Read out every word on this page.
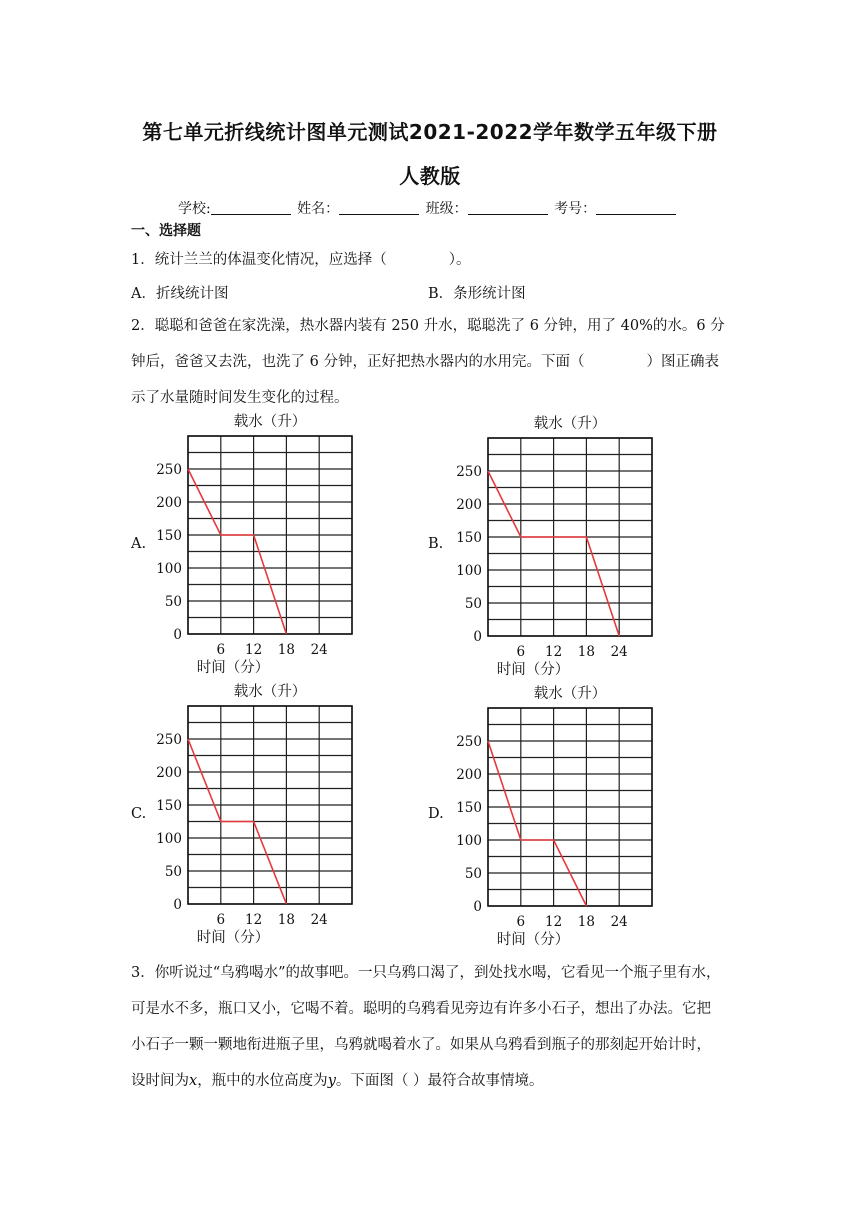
第七单元折线统计图单元测试2021-2022学年数学五年级下册
人教版
学校:	姓名：	班级：	考号：
一、选择题
1．统计兰兰的体温变化情况，应选择（	）。
A．折线统计图	B．条形统计图
2．聪聪和爸爸在家洗澡，热水器内装有 250 升水，聪聪洗了 6 分钟，用了 40%的水。6 分
钟后，爸爸又去洗，也洗了 6 分钟，正好把热水器内的水用完。下面（	）图正确表
示了水量随时间发生变化的过程。
A.	B.
C.	D.
载水（升）
0
50
100
150
200
250
6 12 18 24
时间（分）
载水（升）
0
50
100
150
200
250
6 12 18 24
时间（分）
载水（升）
0
50
100
150
200
250
6 12 18 24
时间（分）
载水（升）
0
50
100
150
200
250
6 12 18 24
时间（分）
3．你听说过“乌鸦喝水”的故事吧。一只乌鸦口渴了，到处找水喝，它看见一个瓶子里有水，
可是水不多，瓶口又小，它喝不着。聪明的乌鸦看见旁边有许多小石子，想出了办法。它把
小石子一颗一颗地衔进瓶子里，乌鸦就喝着水了。如果从乌鸦看到瓶子的那刻起开始计时，
设时间为x，瓶中的水位高度为y。下面图（ ）最符合故事情境。
